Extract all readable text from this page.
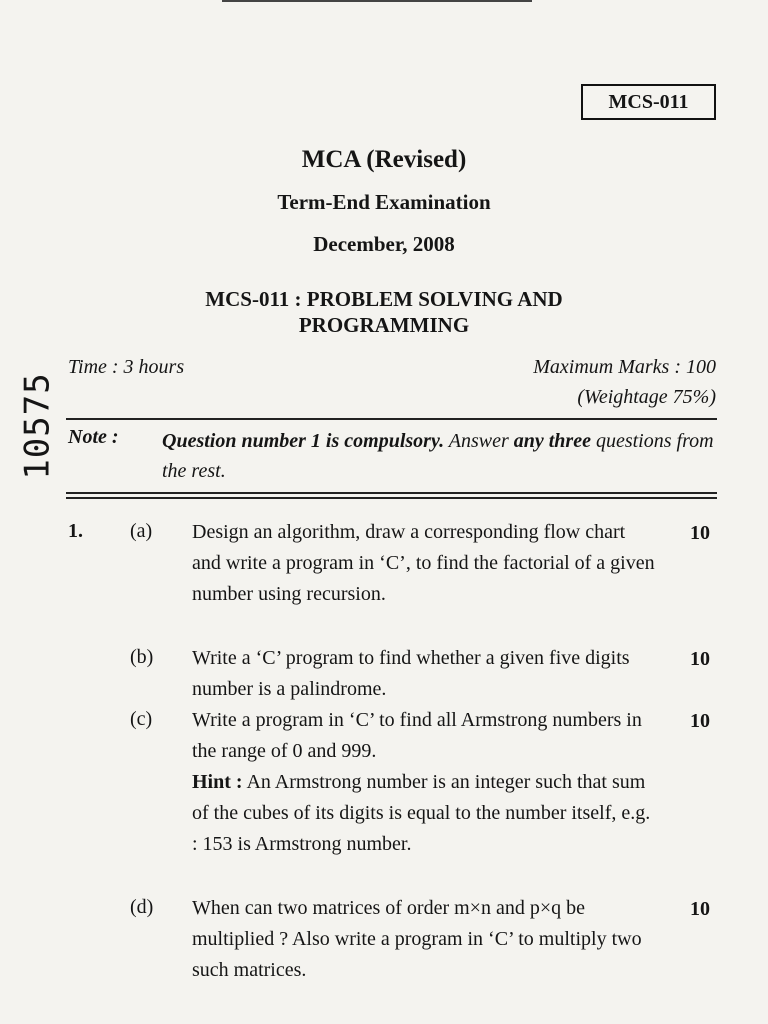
MCS-011
MCA (Revised)
Term-End Examination
December, 2008
MCS-011 : PROBLEM SOLVING AND
PROGRAMMING
10575
Time : 3 hours	Maximum Marks : 100
(Weightage 75%)
Note : Question number 1 is compulsory. Answer any three questions from the rest.
1. (a) Design an algorithm, draw a corresponding flow chart and write a program in ‘C’, to find the factorial of a given number using recursion.
10
(b) Write a ‘C’ program to find whether a given five digits number is a palindrome.
10
(c) Write a program in ‘C’ to find all Armstrong numbers in the range of 0 and 999.
Hint : An Armstrong number is an integer such that sum of the cubes of its digits is equal to the number itself, e.g. : 153 is Armstrong number.
10
(d) When can two matrices of order m×n and p×q be multiplied ? Also write a program in ‘C’ to multiply two such matrices.
10
